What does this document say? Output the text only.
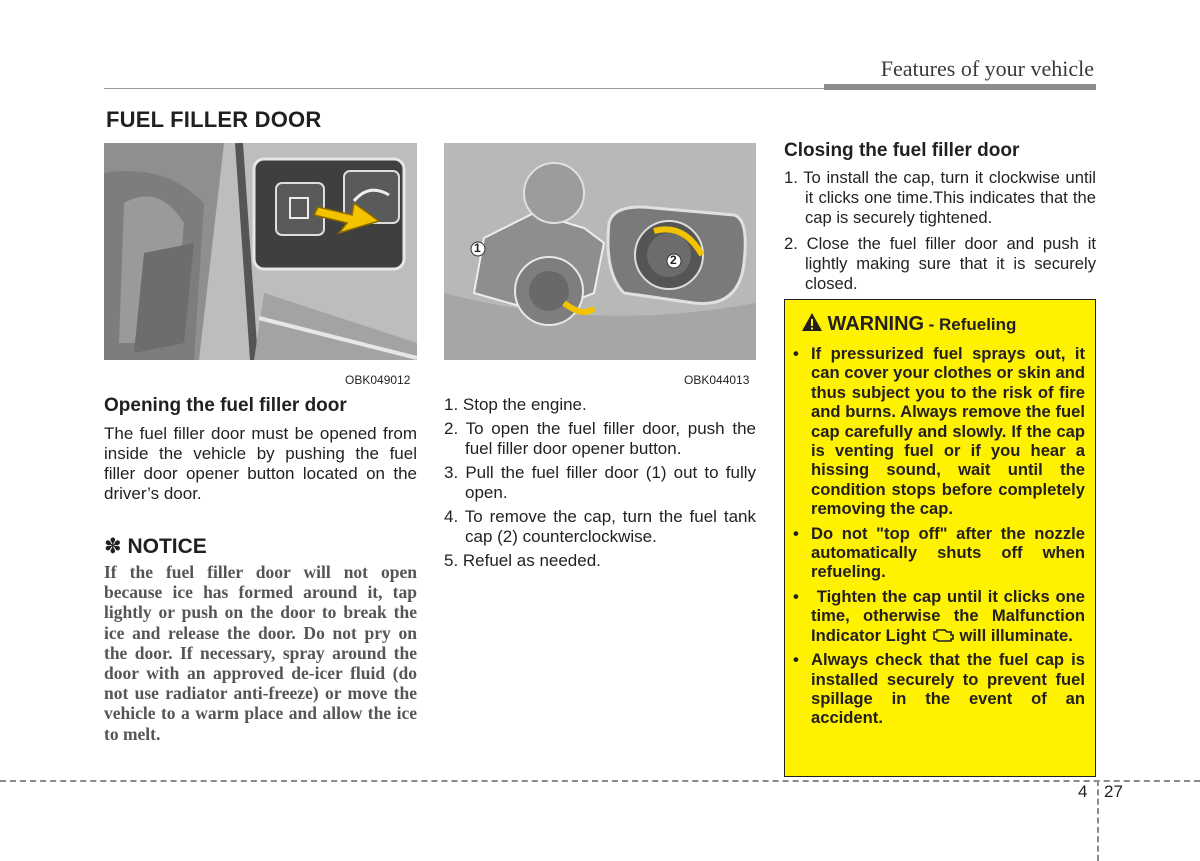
Features of your vehicle
FUEL FILLER DOOR
OBK049012
1
2
OBK044013
Opening the fuel filler door
The fuel filler door must be opened from inside the vehicle by pushing the fuel filler door opener button located on the driver’s door.
✽ NOTICE
If the fuel filler door will not open because ice has formed around it, tap lightly or push on the door to break the ice and release the door. Do not pry on the door. If necessary, spray around the door with an approved de-icer fluid (do not use radiator anti-freeze) or move the vehicle to a warm place and allow the ice to melt.
1. Stop the engine.
2. To open the fuel filler door, push the fuel filler door opener button.
3. Pull the fuel filler door (1) out to fully open.
4. To remove the cap, turn the fuel tank cap (2) counterclockwise.
5. Refuel as needed.
Closing the fuel filler door
1. To install the cap, turn it clockwise until it clicks one time.This indicates that the cap is securely tightened.
2. Close the fuel filler door and push it lightly making sure that it is securely closed.
WARNING - Refueling
• If pressurized fuel sprays out, it can cover your clothes or skin and thus subject you to the risk of fire and burns. Always remove the fuel cap carefully and slowly. If the cap is venting fuel or if you hear a hissing sound, wait until the condition stops before completely removing the cap.
• Do not "top off" after the nozzle automatically shuts off when refueling.
• Tighten the cap until it clicks one time, otherwise the Malfunction Indicator Light will illuminate.
• Always check that the fuel cap is installed securely to prevent fuel spillage in the event of an accident.
4 27
